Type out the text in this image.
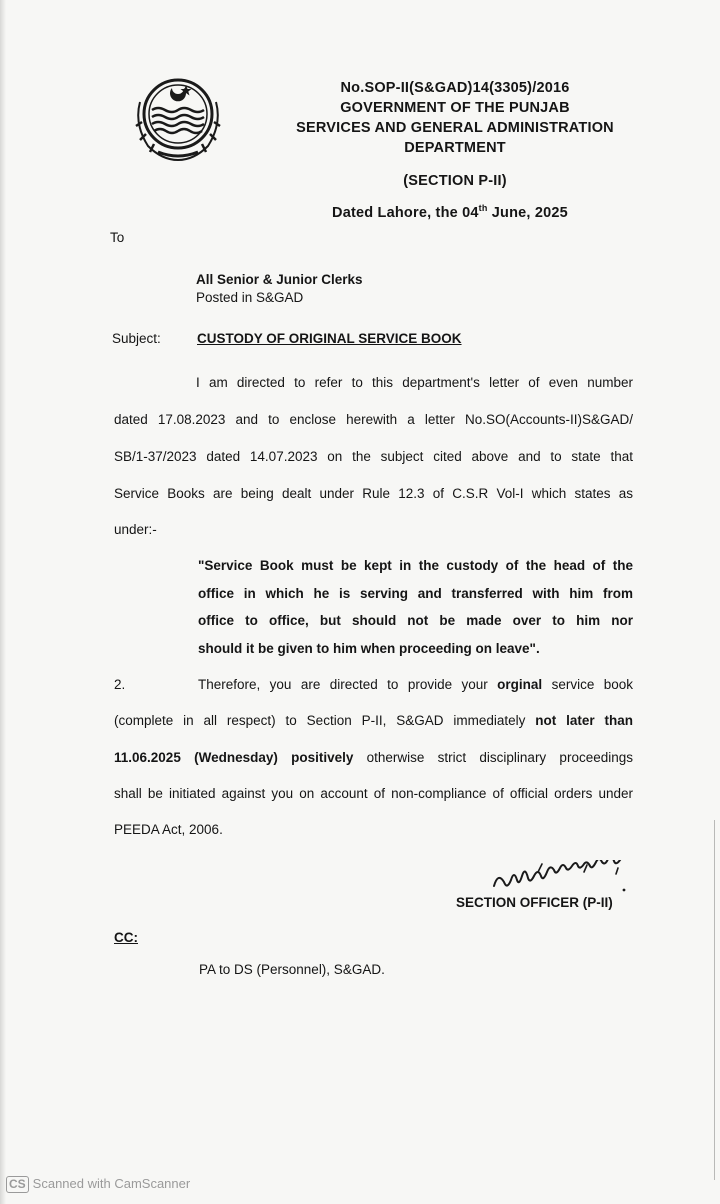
No.SOP-II(S&GAD)14(3305)/2016
GOVERNMENT OF THE PUNJAB
SERVICES AND GENERAL ADMINISTRATION
DEPARTMENT
(SECTION P-II)
Dated Lahore, the 04th June, 2025
To
All Senior & Junior Clerks
Posted in S&GAD
Subject:	CUSTODY OF ORIGINAL SERVICE BOOK
I am directed to refer to this department's letter of even number
dated 17.08.2023 and to enclose herewith a letter No.SO(Accounts-II)S&GAD/
SB/1-37/2023 dated 14.07.2023 on the subject cited above and to state that
Service Books are being dealt under Rule 12.3 of C.S.R Vol-I which states as
under:-
"Service Book must be kept in the custody of the head of the
office in which he is serving and transferred with him from
office to office, but should not be made over to him nor
should it be given to him when proceeding on leave".
2.	Therefore, you are directed to provide your orginal service book
(complete in all respect) to Section P-II, S&GAD immediately not later than
11.06.2025 (Wednesday) positively otherwise strict disciplinary proceedings
shall be initiated against you on account of non-compliance of official orders under
PEEDA Act, 2006.
SECTION OFFICER (P-II)
CC:
PA to DS (Personnel), S&GAD.
CS Scanned with CamScanner
